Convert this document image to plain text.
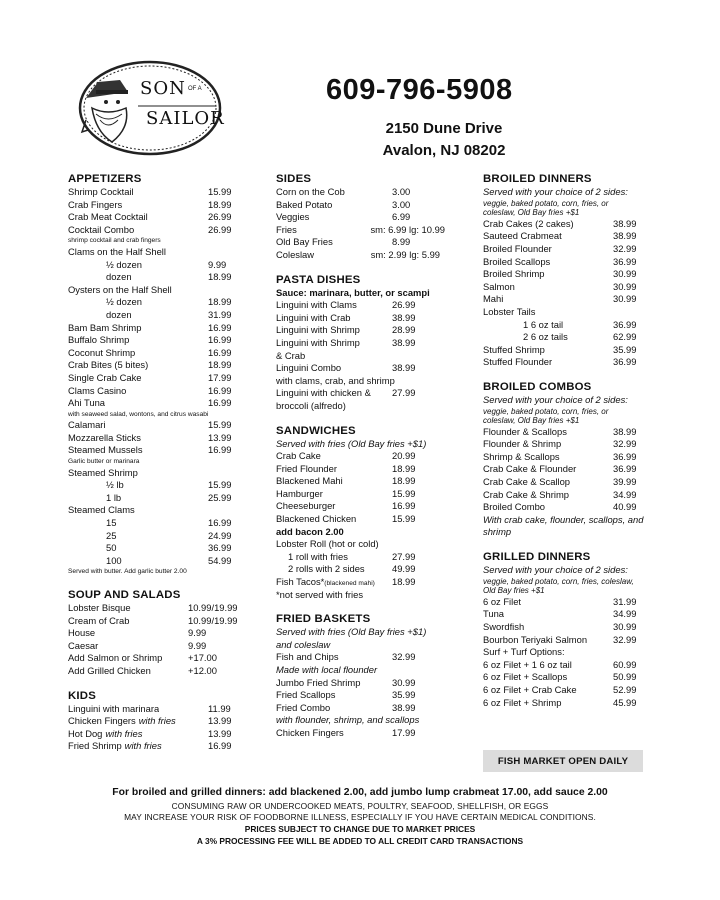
SON OF A
SAILOR
609-796-5908
2150 Dune Drive
Avalon, NJ 08202
APPETIZERS
Shrimp Cocktail	15.99
Crab Fingers	18.99
Crab Meat Cocktail	26.99
Cocktail Combo	26.99
shrimp cocktail and crab fingers
Clams on the Half Shell
½ dozen	9.99
dozen	18.99
Oysters on the Half Shell
½ dozen	18.99
dozen	31.99
Bam Bam Shrimp	16.99
Buffalo Shrimp	16.99
Coconut Shrimp	16.99
Crab Bites (5 bites)	18.99
Single Crab Cake	17.99
Clams Casino	16.99
Ahi Tuna	16.99
with seaweed salad, wontons, and citrus wasabi
Calamari	15.99
Mozzarella Sticks	13.99
Steamed Mussels	16.99
Garlic butter or marinara
Steamed Shrimp
½ lb	15.99
1 lb	25.99
Steamed Clams
15	16.99
25	24.99
50	36.99
100	54.99
Served with butter. Add garlic butter 2.00
SOUP AND SALADS
Lobster Bisque	10.99/19.99
Cream of Crab	10.99/19.99
House	9.99
Caesar	9.99
Add Salmon or Shrimp	+17.00
Add Grilled Chicken	+12.00
KIDS
Linguini with marinara	11.99
Chicken Fingers with fries	13.99
Hot Dog with fries	13.99
Fried Shrimp with fries	16.99
SIDES
Corn on the Cob	3.00
Baked Potato	3.00
Veggies	6.99
Fries	sm: 6.99 lg: 10.99
Old Bay Fries	8.99
Coleslaw	sm: 2.99 lg: 5.99
PASTA DISHES
Sauce: marinara, butter, or scampi
Linguini with Clams	26.99
Linguini with Crab	38.99
Linguini with Shrimp	28.99
Linguini with Shrimp	38.99
& Crab
Linguini Combo	38.99
with clams, crab, and shrimp
Linguini with chicken &	27.99
broccoli (alfredo)
SANDWICHES
Served with fries (Old Bay fries +$1)
Crab Cake	20.99
Fried Flounder	18.99
Blackened Mahi	18.99
Hamburger	15.99
Cheeseburger	16.99
Blackened Chicken	15.99
add bacon 2.00
Lobster Roll (hot or cold)
1 roll with fries	27.99
2 rolls with 2 sides	49.99
Fish Tacos*(blackened mahi)	18.99
*not served with fries
FRIED BASKETS
Served with fries (Old Bay fries +$1)
and coleslaw
Fish and Chips	32.99
Made with local flounder
Jumbo Fried Shrimp	30.99
Fried Scallops	35.99
Fried Combo	38.99
with flounder, shrimp, and scallops
Chicken Fingers	17.99
BROILED DINNERS
Served with your choice of 2 sides:
veggie, baked potato, corn, fries, or
coleslaw, Old Bay fries +$1
Crab Cakes (2 cakes)	38.99
Sauteed Crabmeat	38.99
Broiled Flounder	32.99
Broiled Scallops	36.99
Broiled Shrimp	30.99
Salmon	30.99
Mahi	30.99
Lobster Tails
1 6 oz tail	36.99
2 6 oz tails	62.99
Stuffed Shrimp	35.99
Stuffed Flounder	36.99
BROILED COMBOS
Served with your choice of 2 sides:
veggie, baked potato, corn, fries, or
coleslaw, Old Bay fries +$1
Flounder & Scallops	38.99
Flounder & Shrimp	32.99
Shrimp & Scallops	36.99
Crab Cake & Flounder	36.99
Crab Cake & Scallop	39.99
Crab Cake & Shrimp	34.99
Broiled Combo	40.99
With crab cake, flounder, scallops, and
shrimp
GRILLED DINNERS
Served with your choice of 2 sides:
veggie, baked potato, corn, fries, coleslaw,
Old Bay fries +$1
6 oz Filet	31.99
Tuna	34.99
Swordfish	30.99
Bourbon Teriyaki Salmon	32.99
Surf + Turf Options:
6 oz Filet + 1 6 oz tail	60.99
6 oz Filet + Scallops	50.99
6 oz Filet + Crab Cake	52.99
6 oz Filet + Shrimp	45.99
FISH MARKET OPEN DAILY
For broiled and grilled dinners: add blackened 2.00, add jumbo lump crabmeat 17.00, add sauce 2.00
CONSUMING RAW OR UNDERCOOKED MEATS, POULTRY, SEAFOOD, SHELLFISH, OR EGGS
MAY INCREASE YOUR RISK OF FOODBORNE ILLNESS, ESPECIALLY IF YOU HAVE CERTAIN MEDICAL CONDITIONS.
PRICES SUBJECT TO CHANGE DUE TO MARKET PRICES
A 3% PROCESSING FEE WILL BE ADDED TO ALL CREDIT CARD TRANSACTIONS
